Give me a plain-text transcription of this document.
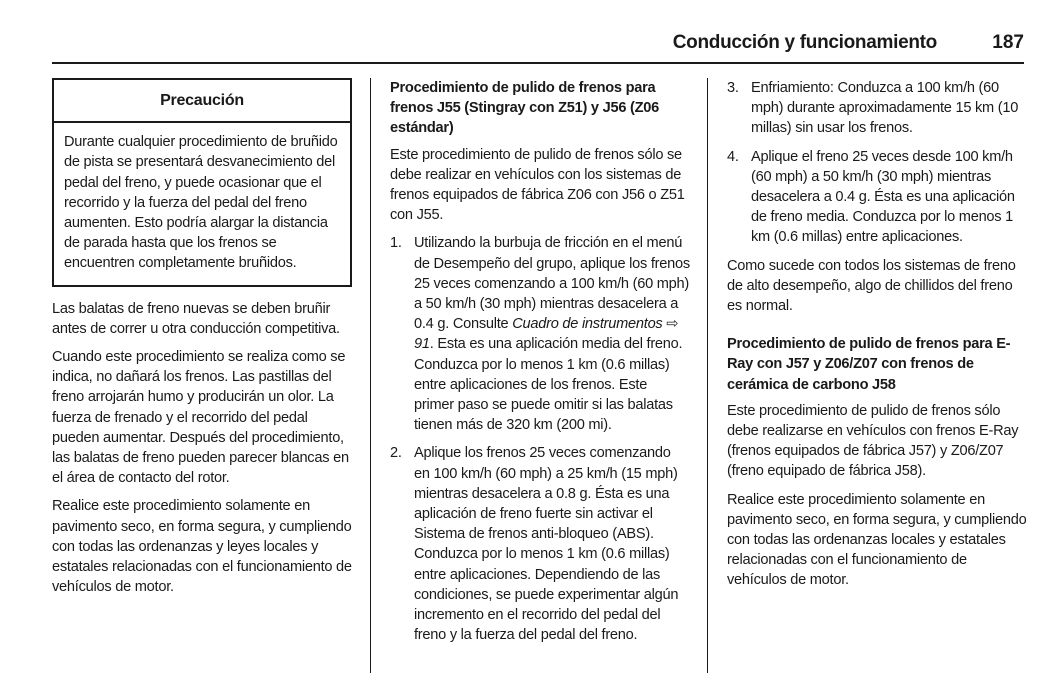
Conducción y funcionamiento	187
Precaución
Durante cualquier procedimiento de bruñido de pista se presentará desvanecimiento del pedal del freno, y puede ocasionar que el recorrido y la fuerza del pedal del freno aumenten. Esto podría alargar la distancia de parada hasta que los frenos se encuentren completamente bruñidos.

Las balatas de freno nuevas se deben bruñir antes de correr u otra conducción competitiva.

Cuando este procedimiento se realiza como se indica, no dañará los frenos. Las pastillas del freno arrojarán humo y producirán un olor. La fuerza de frenado y el recorrido del pedal pueden aumentar. Después del procedimiento, las balatas de freno pueden parecer blancas en el área de contacto del rotor.

Realice este procedimiento solamente en pavimento seco, en forma segura, y cumpliendo con todas las ordenanzas y leyes locales y estatales relacionadas con el funcionamiento de vehículos de motor.

Procedimiento de pulido de frenos para frenos J55 (Stingray con Z51) y J56 (Z06 estándar)

Este procedimiento de pulido de frenos sólo se debe realizar en vehículos con los sistemas de frenos equipados de fábrica Z06 con J56 o Z51 con J55.

1. Utilizando la burbuja de fricción en el menú de Desempeño del grupo, aplique los frenos 25 veces comenzando a 100 km/h (60 mph) a 50 km/h (30 mph) mientras desacelera a 0.4 g. Consulte Cuadro de instrumentos ⇨91. Esta es una aplicación media del freno. Conduzca por lo menos 1 km (0.6 millas) entre aplicaciones de los frenos. Este primer paso se puede omitir si las balatas tienen más de 320 km (200 mi).
2. Aplique los frenos 25 veces comenzando en 100 km/h (60 mph) a 25 km/h (15 mph) mientras desacelera a 0.8 g. Ésta es una aplicación de freno fuerte sin activar el Sistema de frenos anti-bloqueo (ABS). Conduzca por lo menos 1 km (0.6 millas) entre aplicaciones. Dependiendo de las condiciones, se puede experimentar algún incremento en el recorrido del pedal del freno y la fuerza del pedal del freno.
3. Enfriamiento: Conduzca a 100 km/h (60 mph) durante aproximadamente 15 km (10 millas) sin usar los frenos.
4. Aplique el freno 25 veces desde 100 km/h (60 mph) a 50 km/h (30 mph) mientras desacelera a 0.4 g. Ésta es una aplicación de freno media. Conduzca por lo menos 1 km (0.6 millas) entre aplicaciones.

Como sucede con todos los sistemas de freno de alto desempeño, algo de chillidos del freno es normal.

Procedimiento de pulido de frenos para E-Ray con J57 y Z06/Z07 con frenos de cerámica de carbono J58

Este procedimiento de pulido de frenos sólo debe realizarse en vehículos con frenos E-Ray (frenos equipados de fábrica J57) y Z06/Z07 (freno equipado de fábrica J58).

Realice este procedimiento solamente en pavimento seco, en forma segura, y cumpliendo con todas las ordenanzas locales y estatales relacionadas con el funcionamiento de vehículos de motor.
